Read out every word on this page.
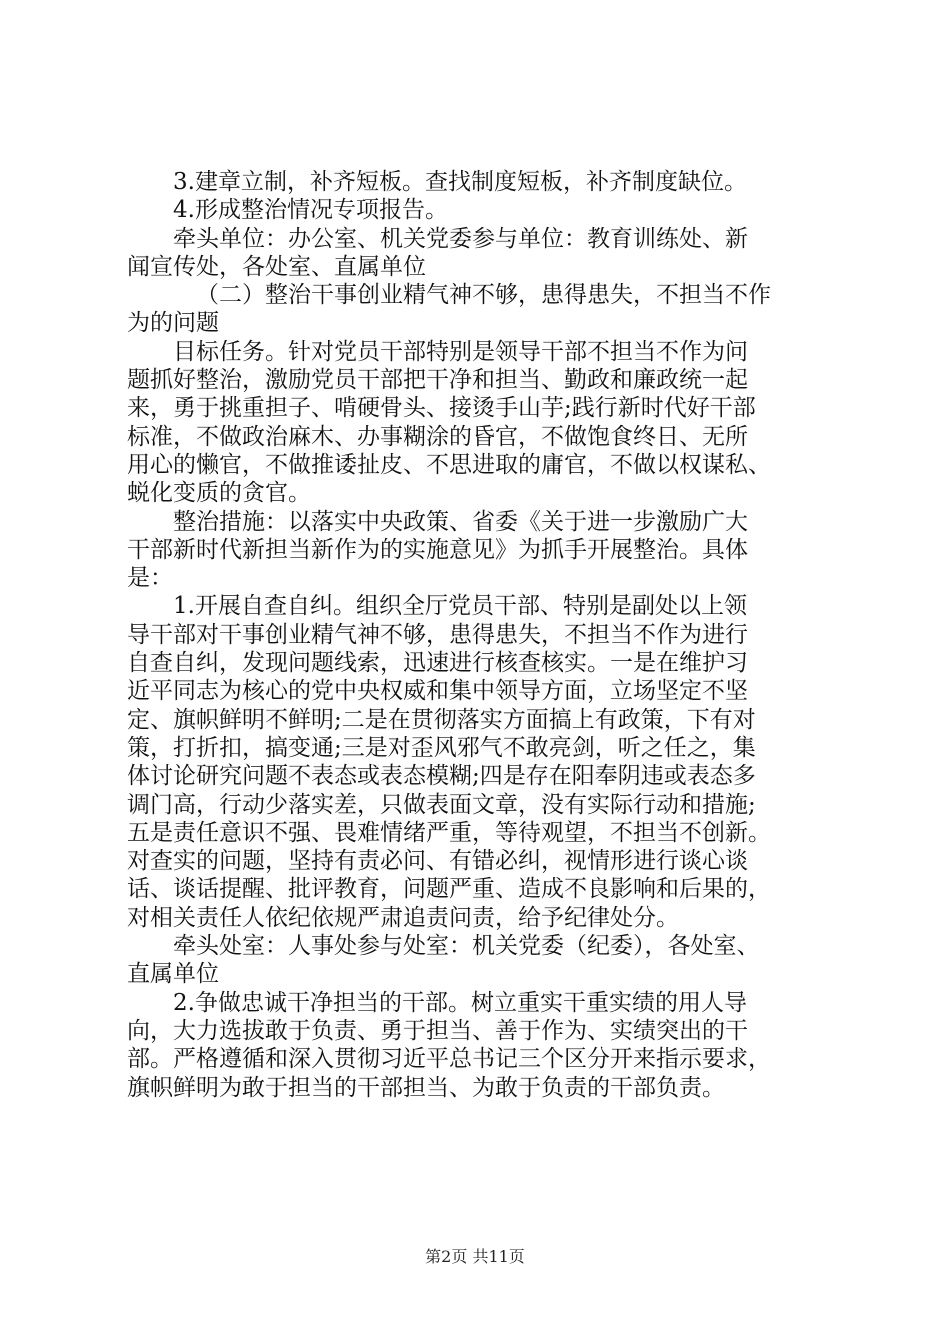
3.建章立制，补齐短板。查找制度短板，补齐制度缺位。
4.形成整治情况专项报告。
牵头单位：办公室、机关党委参与单位：教育训练处、新
闻宣传处，各处室、直属单位
（二）整治干事创业精气神不够，患得患失，不担当不作
为的问题
目标任务。针对党员干部特别是领导干部不担当不作为问
题抓好整治，激励党员干部把干净和担当、勤政和廉政统一起
来，勇于挑重担子、啃硬骨头、接烫手山芋;践行新时代好干部
标准，不做政治麻木、办事糊涂的昏官，不做饱食终日、无所
用心的懒官，不做推诿扯皮、不思进取的庸官，不做以权谋私、
蜕化变质的贪官。
整治措施：以落实中央政策、省委《关于进一步激励广大
干部新时代新担当新作为的实施意见》为抓手开展整治。具体
是：
1.开展自查自纠。组织全厅党员干部、特别是副处以上领
导干部对干事创业精气神不够，患得患失，不担当不作为进行
自查自纠，发现问题线索，迅速进行核查核实。一是在维护习
近平同志为核心的党中央权威和集中领导方面，立场坚定不坚
定、旗帜鲜明不鲜明;二是在贯彻落实方面搞上有政策，下有对
策，打折扣，搞变通;三是对歪风邪气不敢亮剑，听之任之，集
体讨论研究问题不表态或表态模糊;四是存在阳奉阴违或表态多
调门高，行动少落实差，只做表面文章，没有实际行动和措施;
五是责任意识不强、畏难情绪严重，等待观望，不担当不创新。
对查实的问题，坚持有责必问、有错必纠，视情形进行谈心谈
话、谈话提醒、批评教育，问题严重、造成不良影响和后果的，
对相关责任人依纪依规严肃追责问责，给予纪律处分。
牵头处室：人事处参与处室：机关党委（纪委），各处室、
直属单位
2.争做忠诚干净担当的干部。树立重实干重实绩的用人导
向，大力选拔敢于负责、勇于担当、善于作为、实绩突出的干
部。严格遵循和深入贯彻习近平总书记三个区分开来指示要求，
旗帜鲜明为敢于担当的干部担当、为敢于负责的干部负责。
第2页 共11页
